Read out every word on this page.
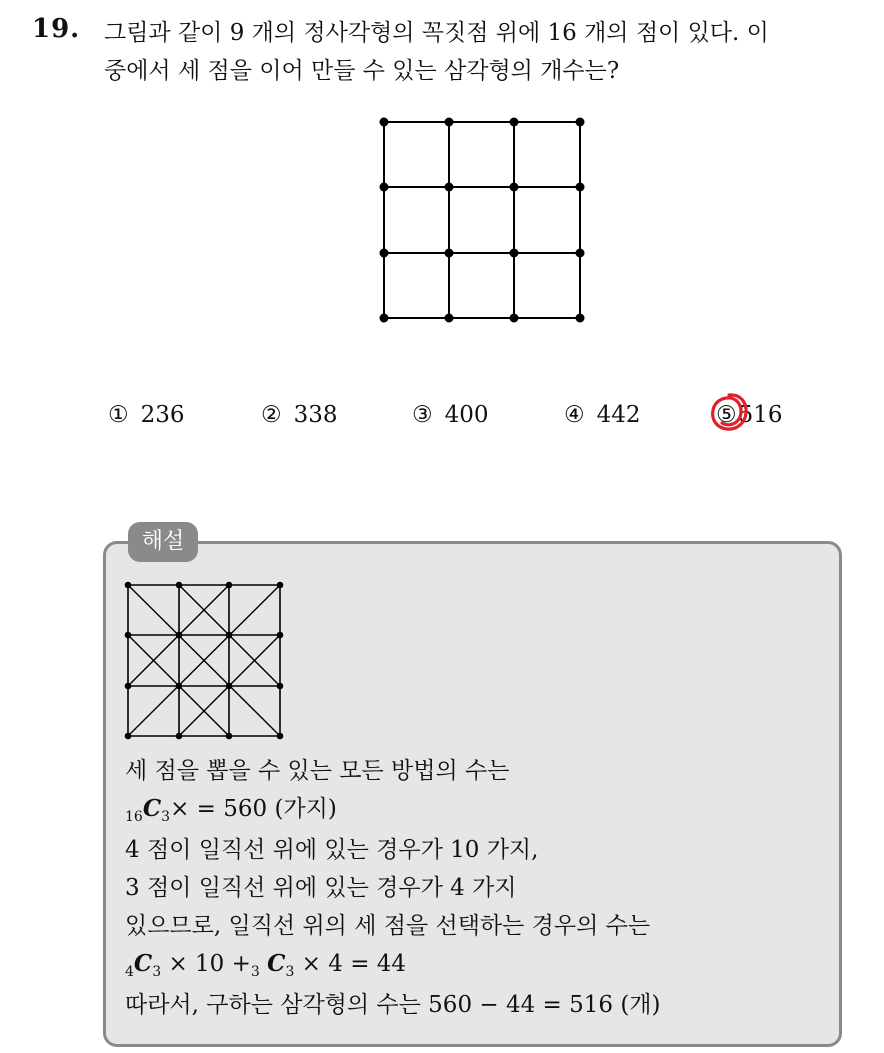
19. 그림과 같이 9 개의 정사각형의 꼭짓점 위에 16 개의 점이 있다. 이
중에서 세 점을 이어 만들 수 있는 삼각형의 개수는?
① 236	② 338	③ 400	④ 442	⑤
516
해설
세 점을 뽑을 수 있는 모든 방법의 수는
$_{16}C_3\times = 560$ (가지)
4 점이 일직선 위에 있는 경우가 10 가지,
3 점이 일직선 위에 있는 경우가 4 가지
있으므로, 일직선 위의 세 점을 선택하는 경우의 수는
$_4C_3 \times 10 +_3$ $C_3 \times 4 = 44$
따라서, 구하는 삼각형의 수는 560 − 44 = 516 (개)
